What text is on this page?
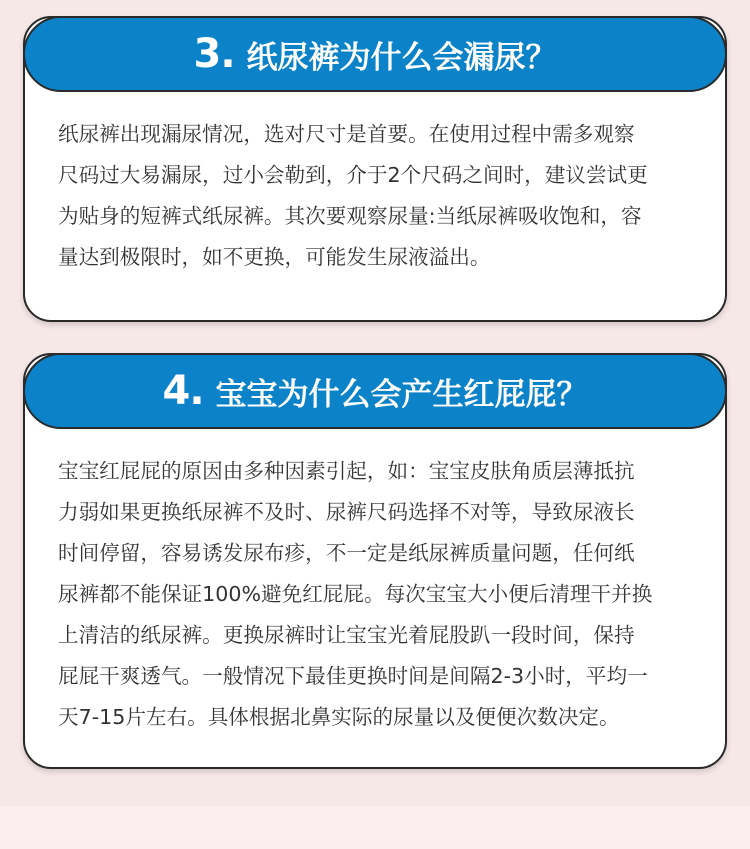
3. 纸尿裤为什么会漏尿？
纸尿裤出现漏尿情况，选对尺寸是首要。在使用过程中需多观察
尺码过大易漏尿，过小会勒到，介于2个尺码之间时，建议尝试更
为贴身的短裤式纸尿裤。其次要观察尿量:当纸尿裤吸收饱和，容
量达到极限时，如不更换，可能发生尿液溢出。
4. 宝宝为什么会产生红屁屁？
宝宝红屁屁的原因由多种因素引起，如：宝宝皮肤角质层薄抵抗
力弱如果更换纸尿裤不及时、尿裤尺码选择不对等，导致尿液长
时间停留，容易诱发尿布疹，不一定是纸尿裤质量问题，任何纸
尿裤都不能保证100%避免红屁屁。每次宝宝大小便后清理干并换
上清洁的纸尿裤。更换尿裤时让宝宝光着屁股趴一段时间，保持
屁屁干爽透气。一般情况下最佳更换时间是间隔2-3小时，平均一
天7-15片左右。具体根据北鼻实际的尿量以及便便次数决定。
